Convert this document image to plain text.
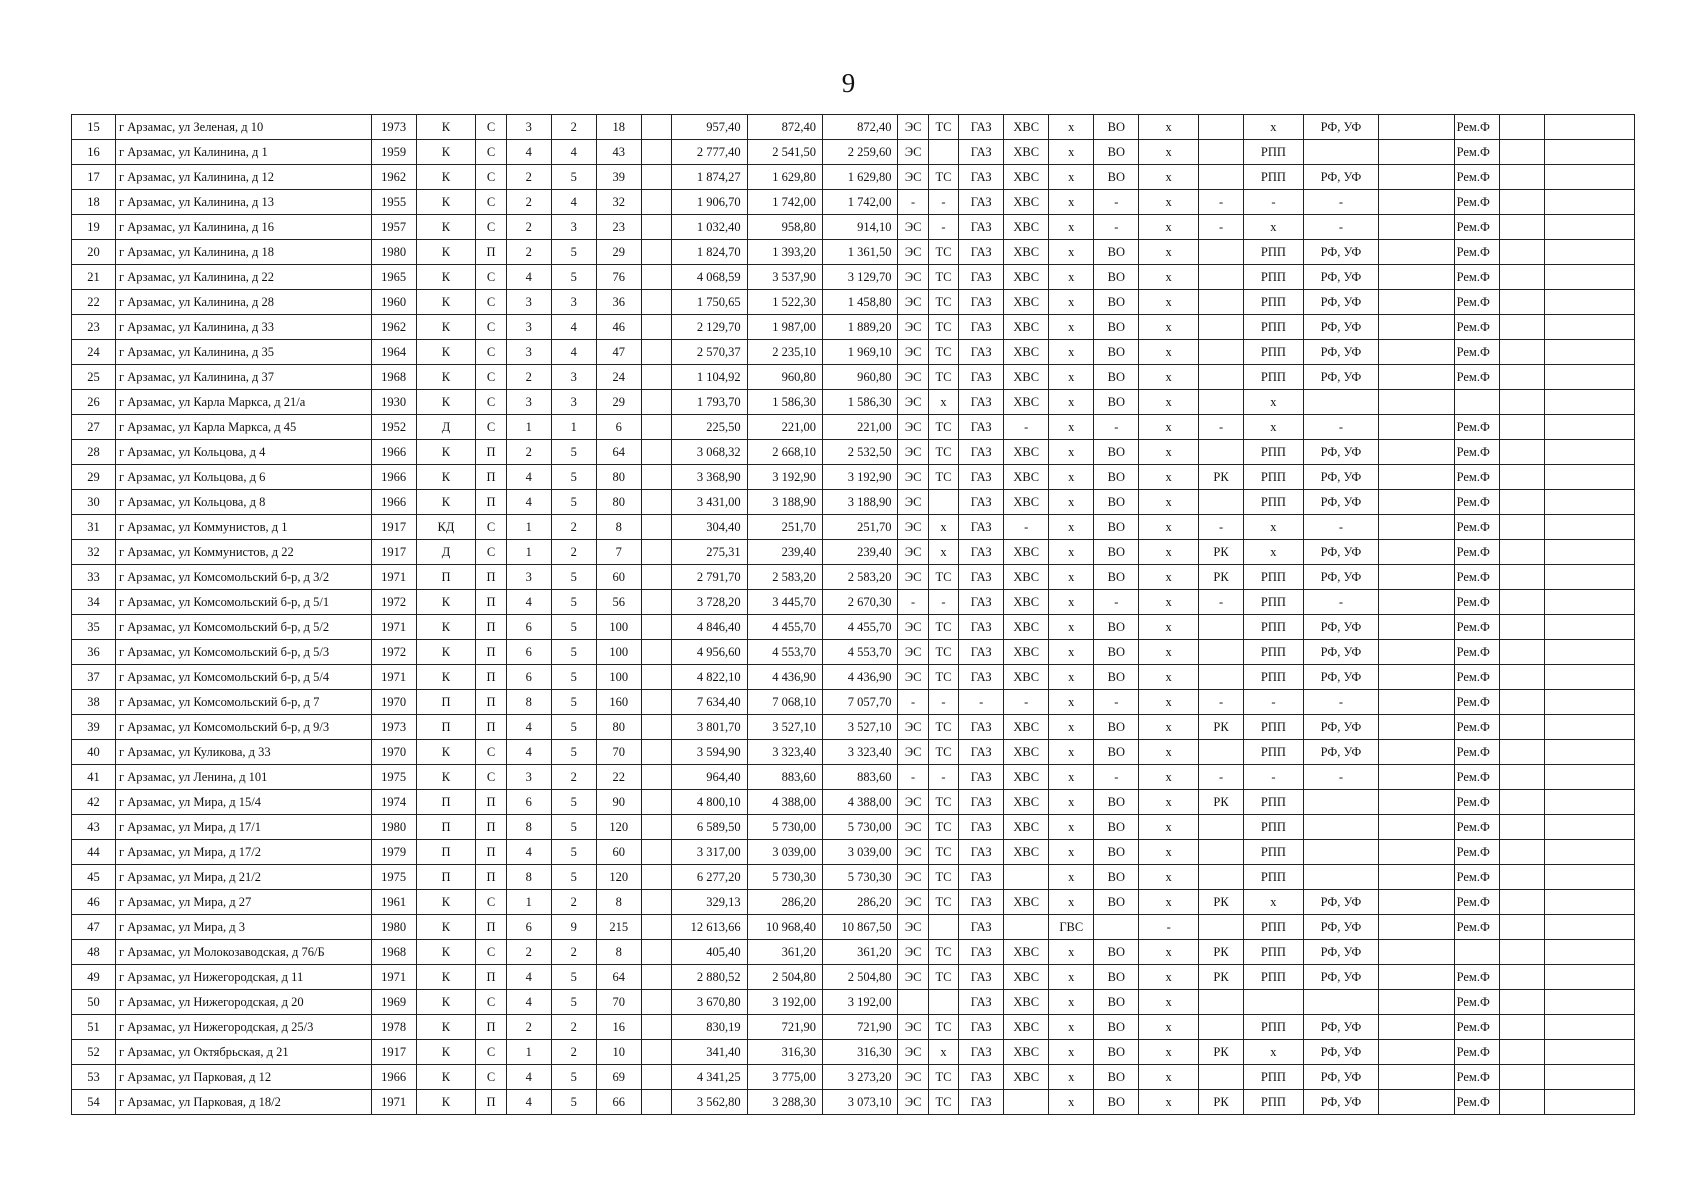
9
15	г Арзамас, ул Зеленая, д 10	1973	К	С	3	2	18		957,40	872,40	872,40	ЭС	ТС	ГАЗ	ХВС	х	ВО	х		х	РФ, УФ		Рем.Ф		
16	г Арзамас, ул Калинина, д 1	1959	К	С	4	4	43		2 777,40	2 541,50	2 259,60	ЭС		ГАЗ	ХВС	х	ВО	х		РПП			Рем.Ф		
17	г Арзамас, ул Калинина, д 12	1962	К	С	2	5	39		1 874,27	1 629,80	1 629,80	ЭС	ТС	ГАЗ	ХВС	х	ВО	х		РПП	РФ, УФ		Рем.Ф		
18	г Арзамас, ул Калинина, д 13	1955	К	С	2	4	32		1 906,70	1 742,00	1 742,00	-	-	ГАЗ	ХВС	х	-	х	-	-	-		Рем.Ф		
19	г Арзамас, ул Калинина, д 16	1957	К	С	2	3	23		1 032,40	958,80	914,10	ЭС	-	ГАЗ	ХВС	х	-	х	-	х	-		Рем.Ф		
20	г Арзамас, ул Калинина, д 18	1980	К	П	2	5	29		1 824,70	1 393,20	1 361,50	ЭС	ТС	ГАЗ	ХВС	х	ВО	х		РПП	РФ, УФ		Рем.Ф		
21	г Арзамас, ул Калинина, д 22	1965	К	С	4	5	76		4 068,59	3 537,90	3 129,70	ЭС	ТС	ГАЗ	ХВС	х	ВО	х		РПП	РФ, УФ		Рем.Ф		
22	г Арзамас, ул Калинина, д 28	1960	К	С	3	3	36		1 750,65	1 522,30	1 458,80	ЭС	ТС	ГАЗ	ХВС	х	ВО	х		РПП	РФ, УФ		Рем.Ф		
23	г Арзамас, ул Калинина, д 33	1962	К	С	3	4	46		2 129,70	1 987,00	1 889,20	ЭС	ТС	ГАЗ	ХВС	х	ВО	х		РПП	РФ, УФ		Рем.Ф		
24	г Арзамас, ул Калинина, д 35	1964	К	С	3	4	47		2 570,37	2 235,10	1 969,10	ЭС	ТС	ГАЗ	ХВС	х	ВО	х		РПП	РФ, УФ		Рем.Ф		
25	г Арзамас, ул Калинина, д 37	1968	К	С	2	3	24		1 104,92	960,80	960,80	ЭС	ТС	ГАЗ	ХВС	х	ВО	х		РПП	РФ, УФ		Рем.Ф		
26	г Арзамас, ул Карла Маркса, д 21/а	1930	К	С	3	3	29		1 793,70	1 586,30	1 586,30	ЭС	х	ГАЗ	ХВС	х	ВО	х		х					
27	г Арзамас, ул Карла Маркса, д 45	1952	Д	С	1	1	6		225,50	221,00	221,00	ЭС	ТС	ГАЗ	-	х	-	х	-	х	-		Рем.Ф		
28	г Арзамас, ул Кольцова, д 4	1966	К	П	2	5	64		3 068,32	2 668,10	2 532,50	ЭС	ТС	ГАЗ	ХВС	х	ВО	х		РПП	РФ, УФ		Рем.Ф		
29	г Арзамас, ул Кольцова, д 6	1966	К	П	4	5	80		3 368,90	3 192,90	3 192,90	ЭС	ТС	ГАЗ	ХВС	х	ВО	х	РК	РПП	РФ, УФ		Рем.Ф		
30	г Арзамас, ул Кольцова, д 8	1966	К	П	4	5	80		3 431,00	3 188,90	3 188,90	ЭС		ГАЗ	ХВС	х	ВО	х		РПП	РФ, УФ		Рем.Ф		
31	г Арзамас, ул Коммунистов, д 1	1917	КД	С	1	2	8		304,40	251,70	251,70	ЭС	х	ГАЗ	-	х	ВО	х	-	х	-		Рем.Ф		
32	г Арзамас, ул Коммунистов, д 22	1917	Д	С	1	2	7		275,31	239,40	239,40	ЭС	х	ГАЗ	ХВС	х	ВО	х	РК	х	РФ, УФ		Рем.Ф		
33	г Арзамас, ул Комсомольский б-р, д 3/2	1971	П	П	3	5	60		2 791,70	2 583,20	2 583,20	ЭС	ТС	ГАЗ	ХВС	х	ВО	х	РК	РПП	РФ, УФ		Рем.Ф		
34	г Арзамас, ул Комсомольский б-р, д 5/1	1972	К	П	4	5	56		3 728,20	3 445,70	2 670,30	-	-	ГАЗ	ХВС	х	-	х	-	РПП	-		Рем.Ф		
35	г Арзамас, ул Комсомольский б-р, д 5/2	1971	К	П	6	5	100		4 846,40	4 455,70	4 455,70	ЭС	ТС	ГАЗ	ХВС	х	ВО	х		РПП	РФ, УФ		Рем.Ф		
36	г Арзамас, ул Комсомольский б-р, д 5/3	1972	К	П	6	5	100		4 956,60	4 553,70	4 553,70	ЭС	ТС	ГАЗ	ХВС	х	ВО	х		РПП	РФ, УФ		Рем.Ф		
37	г Арзамас, ул Комсомольский б-р, д 5/4	1971	К	П	6	5	100		4 822,10	4 436,90	4 436,90	ЭС	ТС	ГАЗ	ХВС	х	ВО	х		РПП	РФ, УФ		Рем.Ф		
38	г Арзамас, ул Комсомольский б-р, д 7	1970	П	П	8	5	160		7 634,40	7 068,10	7 057,70	-	-	-	-	х	-	х	-	-	-		Рем.Ф		
39	г Арзамас, ул Комсомольский б-р, д 9/3	1973	П	П	4	5	80		3 801,70	3 527,10	3 527,10	ЭС	ТС	ГАЗ	ХВС	х	ВО	х	РК	РПП	РФ, УФ		Рем.Ф		
40	г Арзамас, ул Куликова, д 33	1970	К	С	4	5	70		3 594,90	3 323,40	3 323,40	ЭС	ТС	ГАЗ	ХВС	х	ВО	х		РПП	РФ, УФ		Рем.Ф		
41	г Арзамас, ул Ленина, д 101	1975	К	С	3	2	22		964,40	883,60	883,60	-	-	ГАЗ	ХВС	х	-	х	-	-	-		Рем.Ф		
42	г Арзамас, ул Мира, д 15/4	1974	П	П	6	5	90		4 800,10	4 388,00	4 388,00	ЭС	ТС	ГАЗ	ХВС	х	ВО	х	РК	РПП			Рем.Ф		
43	г Арзамас, ул Мира, д 17/1	1980	П	П	8	5	120		6 589,50	5 730,00	5 730,00	ЭС	ТС	ГАЗ	ХВС	х	ВО	х		РПП			Рем.Ф		
44	г Арзамас, ул Мира, д 17/2	1979	П	П	4	5	60		3 317,00	3 039,00	3 039,00	ЭС	ТС	ГАЗ	ХВС	х	ВО	х		РПП			Рем.Ф		
45	г Арзамас, ул Мира, д 21/2	1975	П	П	8	5	120		6 277,20	5 730,30	5 730,30	ЭС	ТС	ГАЗ		х	ВО	х		РПП			Рем.Ф		
46	г Арзамас, ул Мира, д 27	1961	К	С	1	2	8		329,13	286,20	286,20	ЭС	ТС	ГАЗ	ХВС	х	ВО	х	РК	х	РФ, УФ		Рем.Ф		
47	г Арзамас, ул Мира, д 3	1980	К	П	6	9	215		12 613,66	10 968,40	10 867,50	ЭС		ГАЗ		ГВС		-		РПП	РФ, УФ		Рем.Ф		
48	г Арзамас, ул Молокозаводская, д 76/Б	1968	К	С	2	2	8		405,40	361,20	361,20	ЭС	ТС	ГАЗ	ХВС	х	ВО	х	РК	РПП	РФ, УФ				
49	г Арзамас, ул Нижегородская, д 11	1971	К	П	4	5	64		2 880,52	2 504,80	2 504,80	ЭС	ТС	ГАЗ	ХВС	х	ВО	х	РК	РПП	РФ, УФ		Рем.Ф		
50	г Арзамас, ул Нижегородская, д 20	1969	К	С	4	5	70		3 670,80	3 192,00	3 192,00			ГАЗ	ХВС	х	ВО	х					Рем.Ф		
51	г Арзамас, ул Нижегородская, д 25/3	1978	К	П	2	2	16		830,19	721,90	721,90	ЭС	ТС	ГАЗ	ХВС	х	ВО	х		РПП	РФ, УФ		Рем.Ф		
52	г Арзамас, ул Октябрьская, д 21	1917	К	С	1	2	10		341,40	316,30	316,30	ЭС	х	ГАЗ	ХВС	х	ВО	х	РК	х	РФ, УФ		Рем.Ф		
53	г Арзамас, ул Парковая, д 12	1966	К	С	4	5	69		4 341,25	3 775,00	3 273,20	ЭС	ТС	ГАЗ	ХВС	х	ВО	х		РПП	РФ, УФ		Рем.Ф		
54	г Арзамас, ул Парковая, д 18/2	1971	К	П	4	5	66		3 562,80	3 288,30	3 073,10	ЭС	ТС	ГАЗ		х	ВО	х	РК	РПП	РФ, УФ		Рем.Ф		
